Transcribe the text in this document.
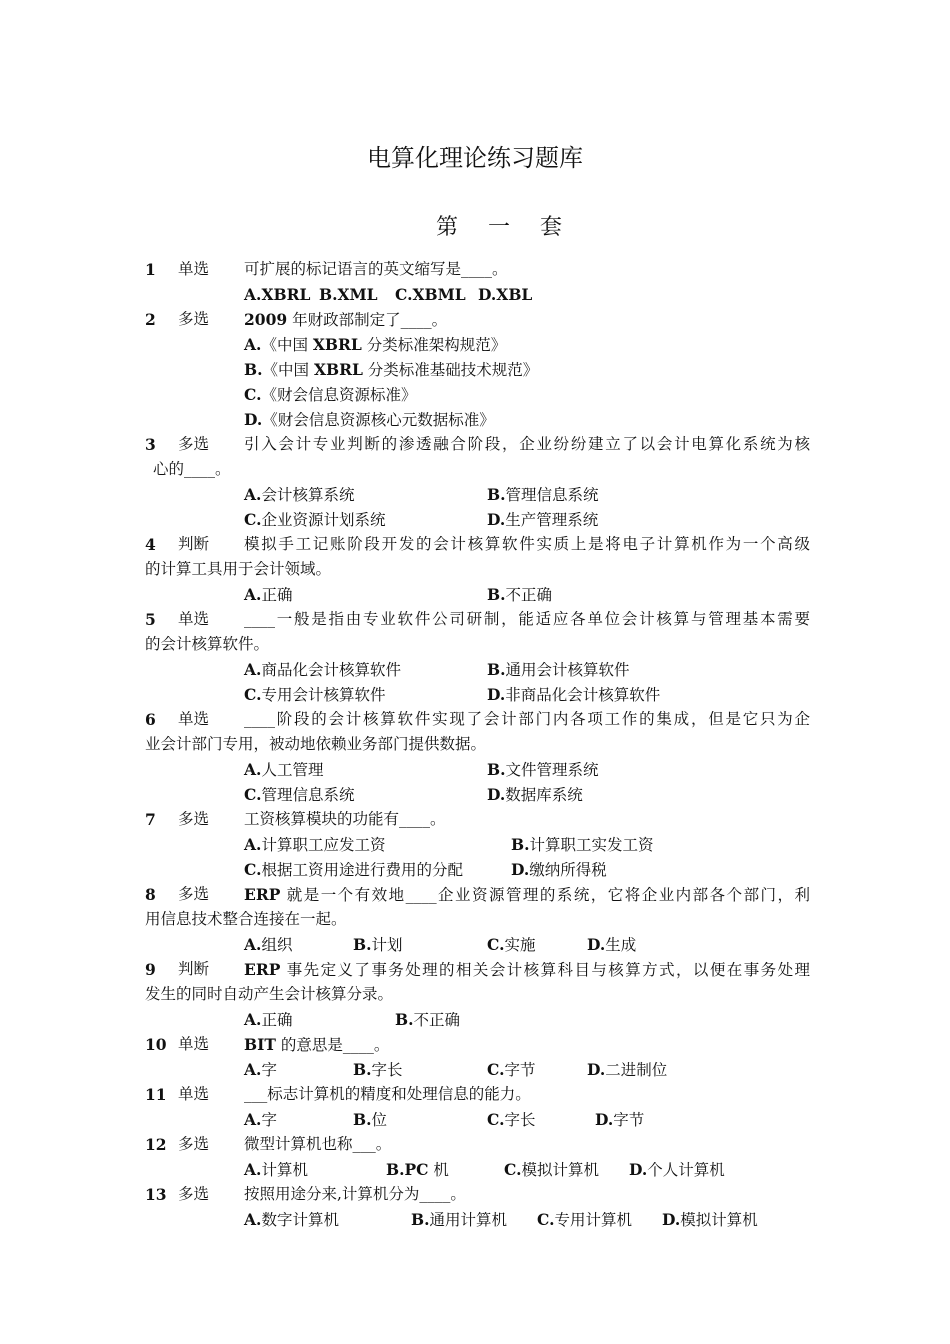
电算化理论练习题库
第一套
1 单选 可扩展的标记语言的英文缩写是____。
A.XBRL B.XML C.XBML D.XBL
2 多选 2009 年财政部制定了____。
A.《中国 XBRL 分类标准架构规范》
B.《中国 XBRL 分类标准基础技术规范》
C.《财会信息资源标准》
D.《财会信息资源核心元数据标准》
3 多选 引入会计专业判断的渗透融合阶段，企业纷纷建立了以会计电算化系统为核
心的____。
A.会计核算系统	B.管理信息系统
C.企业资源计划系统	D.生产管理系统
4 判断 模拟手工记账阶段开发的会计核算软件实质上是将电子计算机作为一个高级
的计算工具用于会计领域。
A.正确	B.不正确
5 单选 ____一般是指由专业软件公司研制，能适应各单位会计核算与管理基本需要
的会计核算软件。
A.商品化会计核算软件	B.通用会计核算软件
C.专用会计核算软件	D.非商品化会计核算软件
6 单选 ____阶段的会计核算软件实现了会计部门内各项工作的集成，但是它只为企
业会计部门专用，被动地依赖业务部门提供数据。
A.人工管理	B.文件管理系统
C.管理信息系统	D.数据库系统
7 多选 工资核算模块的功能有____。
A.计算职工应发工资	B.计算职工实发工资
C.根据工资用途进行费用的分配	D.缴纳所得税
8 多选 ERP 就是一个有效地____企业资源管理的系统，它将企业内部各个部门，利
用信息技术整合连接在一起。
A.组织	B.计划	C.实施	D.生成
9 判断 ERP 事先定义了事务处理的相关会计核算科目与核算方式，以便在事务处理
发生的同时自动产生会计核算分录。
A.正确	B.不正确
10 单选 BIT 的意思是____。
A.字	B.字长	C.字节	D.二进制位
11 单选 ___标志计算机的精度和处理信息的能力。
A.字	B.位	C.字长	D.字节
12 多选 微型计算机也称___。
A.计算机	B.PC 机	C.模拟计算机 D.个人计算机
13 多选 按照用途分来,计算机分为____。
A.数字计算机	B.通用计算机 C.专用计算机 D.模拟计算机
